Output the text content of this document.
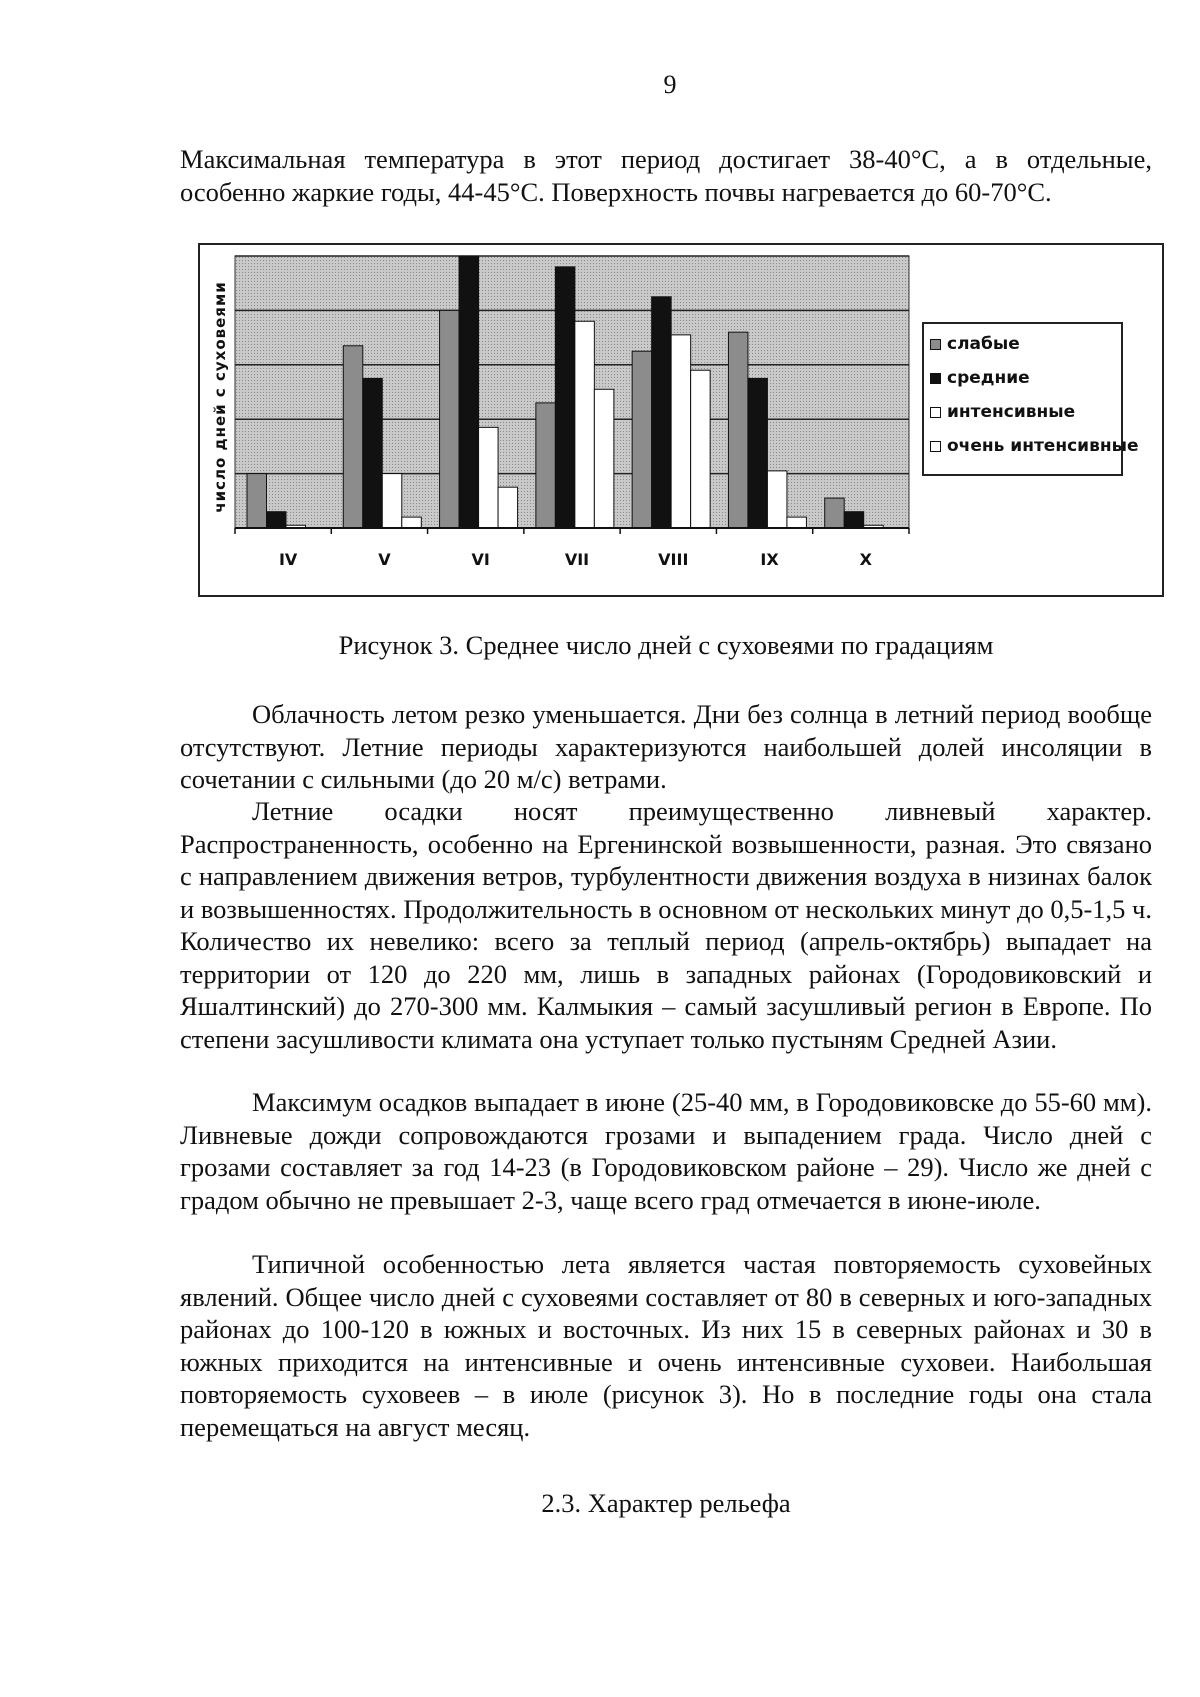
9

Максимальная температура в этот период достигает 38-40°С, а в отдельные, особенно жаркие годы, 44-45°С. Поверхность почвы нагревается до 60-70°С.

IV	V	VI	VII	VIII	IX	X
число дней с суховеями	слабые
средние
интенсивные
очень интенсивные
Рисунок 3. Среднее число дней с суховеями по градациям

Облачность летом резко уменьшается. Дни без солнца в летний период вообще отсутствуют. Летние периоды характеризуются наибольшей долей инсоляции в сочетании с сильными (до 20 м/с) ветрами.

Летние осадки носят преимущественно ливневый характер. Распространенность, особенно на Ергенинской возвышенности, разная. Это связано с направлением движения ветров, турбулентности движения воздуха в низинах балок и возвышенностях. Продолжительность в основном от нескольких минут до 0,5-1,5 ч. Количество их невелико: всего за теплый период (апрель-октябрь) выпадает на территории от 120 до 220 мм, лишь в западных районах (Городовиковский и Яшалтинский) до 270-300 мм. Калмыкия – самый засушливый регион в Европе. По степени засушливости климата она уступает только пустыням Средней Азии.

Максимум осадков выпадает в июне (25-40 мм, в Городовиковске до 55-60 мм). Ливневые дожди сопровождаются грозами и выпадением града. Число дней с грозами составляет за год 14-23 (в Городовиковском районе – 29). Число же дней с градом обычно не превышает 2-3, чаще всего град отмечается в июне-июле.

Типичной особенностью лета является частая повторяемость суховейных явлений. Общее число дней с суховеями составляет от 80 в северных и юго-западных районах до 100-120 в южных и восточных. Из них 15 в северных районах и 30 в южных приходится на интенсивные и очень интенсивные суховеи. Наибольшая повторяемость суховеев – в июле (рисунок 3). Но в последние годы она стала перемещаться на август месяц.

2.3. Характер рельефа
